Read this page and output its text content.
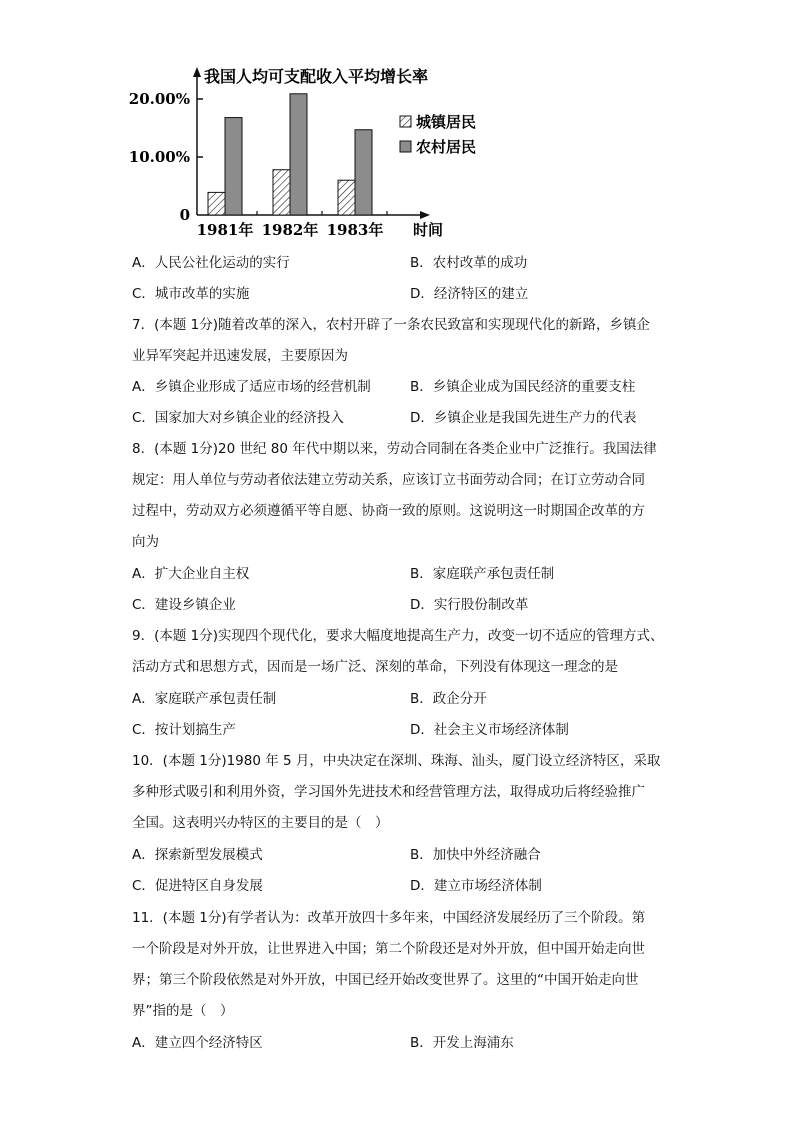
我国人均可支配收入平均增长率
时间
0
10.00%
20.00%
1981年 1982年 1983年
城镇居民
农村居民
A．人民公社化运动的实行	B．农村改革的成功
C．城市改革的实施	D．经济特区的建立
7．(本题 1分)随着改革的深入，农村开辟了一条农民致富和实现现代化的新路，乡镇企
业异军突起并迅速发展，主要原因为
A．乡镇企业形成了适应市场的经营机制	B．乡镇企业成为国民经济的重要支柱
C．国家加大对乡镇企业的经济投入	D．乡镇企业是我国先进生产力的代表
8．(本题 1分)20 世纪 80 年代中期以来，劳动合同制在各类企业中广泛推行。我国法律
规定：用人单位与劳动者依法建立劳动关系，应该订立书面劳动合同；在订立劳动合同
过程中，劳动双方必须遵循平等自愿、协商一致的原则。这说明这一时期国企改革的方
向为
A．扩大企业自主权	B．家庭联产承包责任制
C．建设乡镇企业	D．实行股份制改革
9．(本题 1分)实现四个现代化，要求大幅度地提高生产力，改变一切不适应的管理方式、
活动方式和思想方式，因而是一场广泛、深刻的革命，下列没有体现这一理念的是
A．家庭联产承包责任制	B．政企分开
C．按计划搞生产	D．社会主义市场经济体制
10．(本题 1分)1980 年 5 月，中央决定在深圳、珠海、汕头，厦门设立经济特区，采取
多种形式吸引和利用外资，学习国外先进技术和经营管理方法，取得成功后将经验推广
全国。这表明兴办特区的主要目的是（　）
A．探索新型发展模式	B．加快中外经济融合
C．促进特区自身发展	D．建立市场经济体制
11．(本题 1分)有学者认为：改革开放四十多年来，中国经济发展经历了三个阶段。第
一个阶段是对外开放，让世界进入中国；第二个阶段还是对外开放，但中国开始走向世
界；第三个阶段依然是对外开放，中国已经开始改变世界了。这里的“中国开始走向世
界”指的是（　）
A．建立四个经济特区	B．开发上海浦东
